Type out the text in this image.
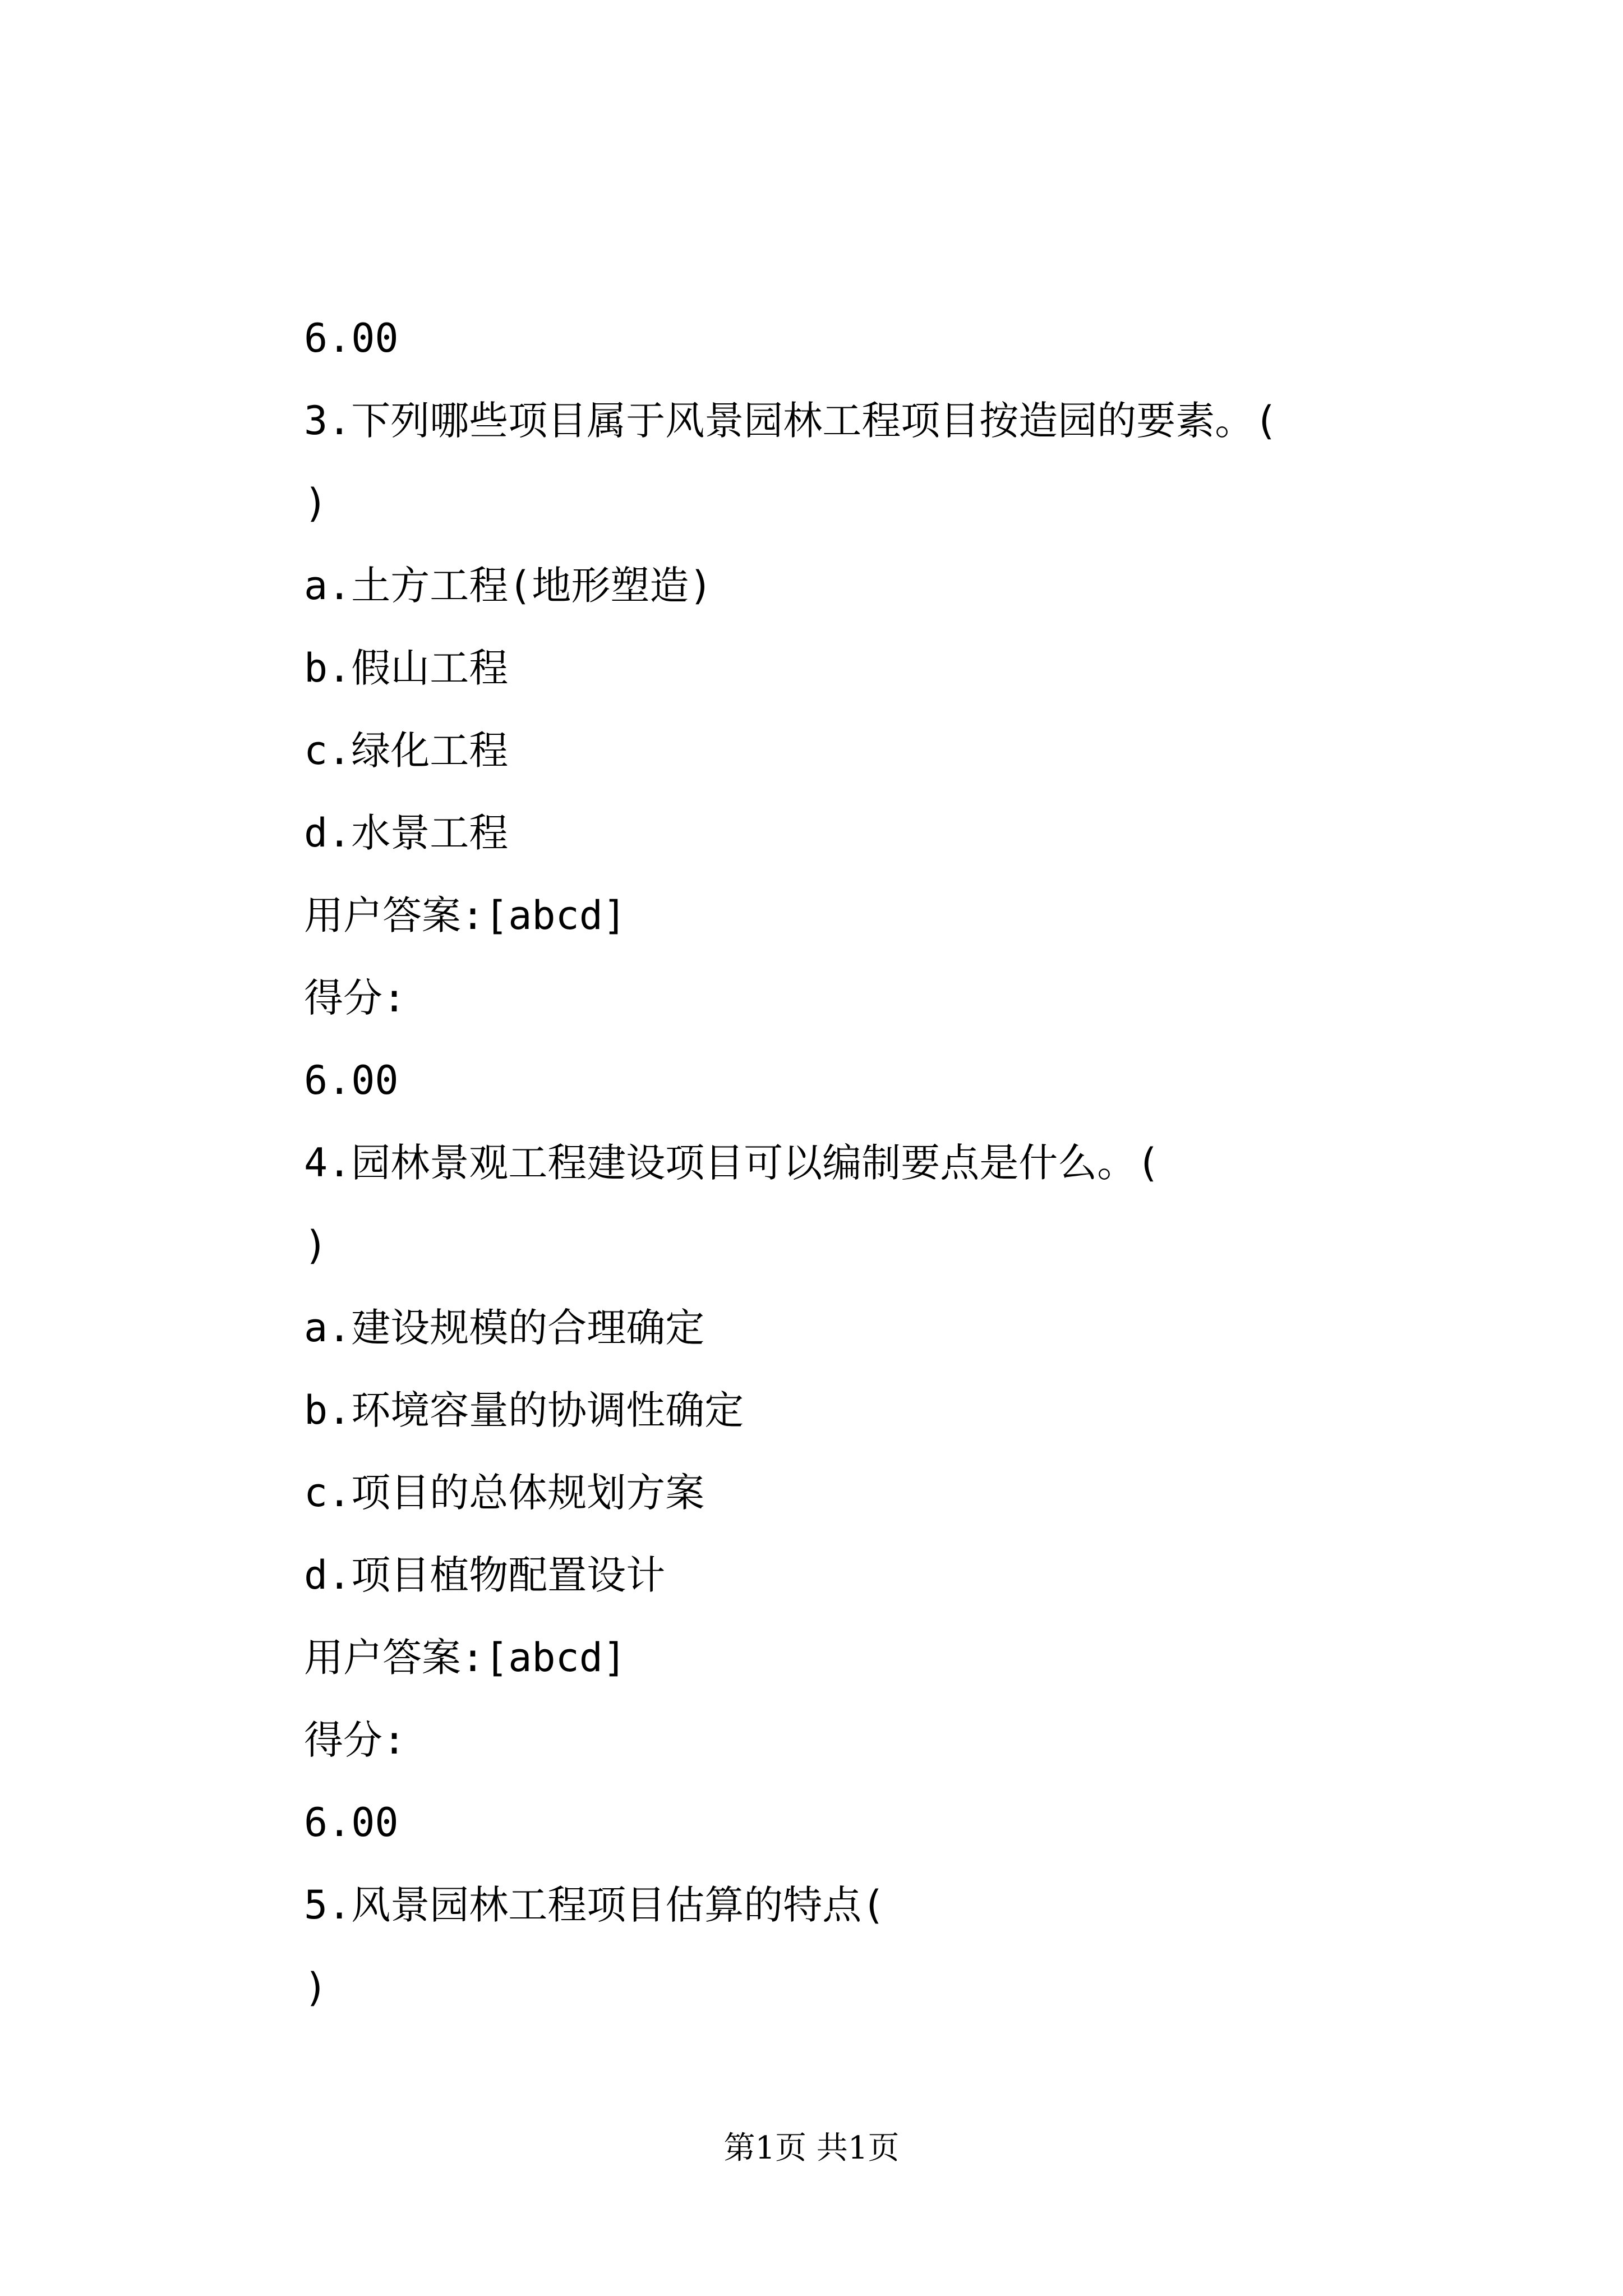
6.00
3.下列哪些项目属于风景园林工程项目按造园的要素。(
)
a.土方工程(地形塑造)
b.假山工程
c.绿化工程
d.水景工程
用户答案:[abcd]
得分:
6.00
4.园林景观工程建设项目可以编制要点是什么。(
)
a.建设规模的合理确定
b.环境容量的协调性确定
c.项目的总体规划方案
d.项目植物配置设计
用户答案:[abcd]
得分:
6.00
5.风景园林工程项目估算的特点(
)
第1页 共1页
